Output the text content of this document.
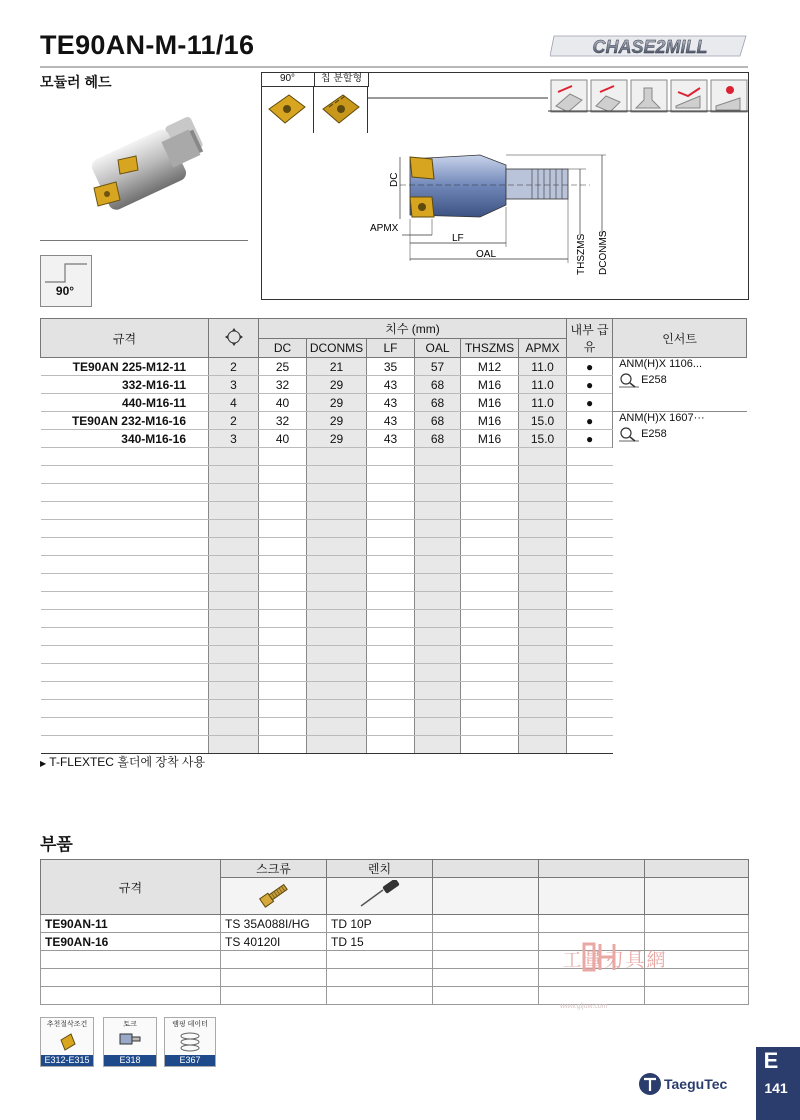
TE90AN-M-11/16	CHASE2MILL
모듈러 헤드
90°
90°	칩 분할형
DC
APMX
LF
OAL	THSZMS DCONMS
규격		치수 (mm)						내부 급유	인서트
		DC	DCONMS	LF	OAL	THSZMS	APMX		
TE90AN 225-M12-11	2	25	21	35	57	M12	11.0	●	ANM(H)X 1106...
E258

332-M16-11	3	32	29	43	68	M16	11.0	●	
440-M16-11	4	40	29	43	68	M16	11.0	●	
TE90AN 232-M16-16	2	32	29	43	68	M16	15.0	●	ANM(H)X 1607···
E258

340-M16-16	3	40	29	43	68	M16	15.0	●	

▶ T-FLEXTEC 홀더에 장착 사용
부품
규격	스크류	렌치			

TE90AN-11	TS 35A088I/HG	TD 10P			
TE90AN-16	TS 40120I	TD 15			

工量刃具網
www.gljuw.com
추천절삭조건
E312-E315
토크
E318
램핑 데이터
E367
TaeguTec
E
141
